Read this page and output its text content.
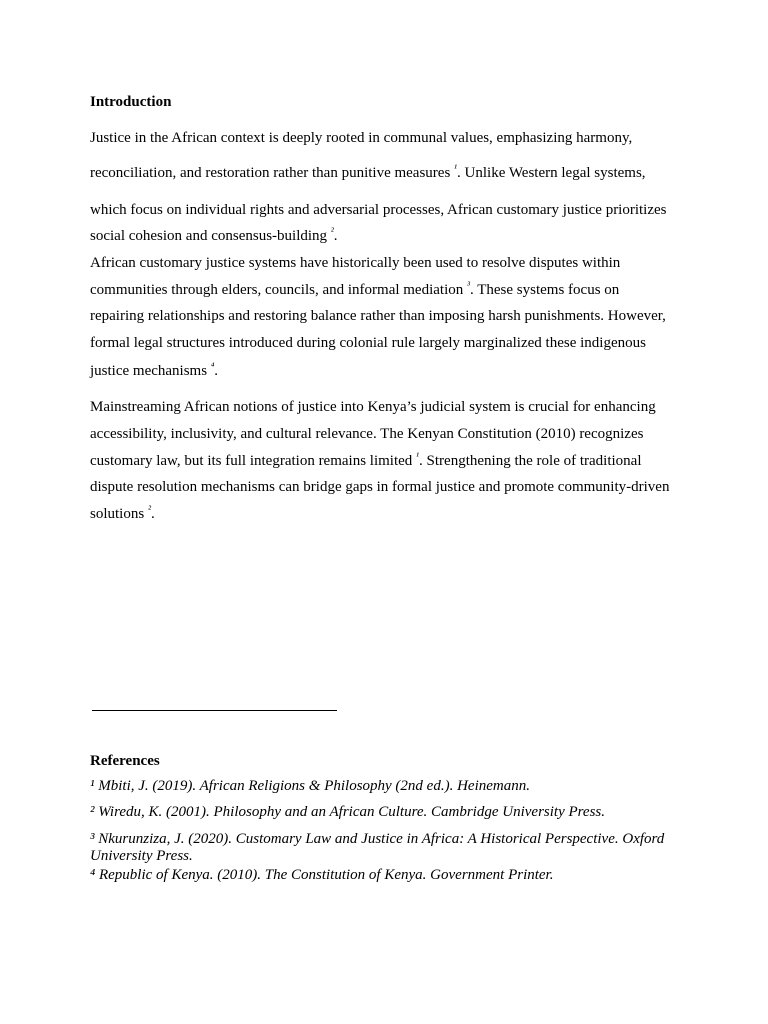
Introduction

Justice in the African context is deeply rooted in communal values, emphasizing harmony,

reconciliation, and restoration rather than punitive measures $^{^1}$. Unlike Western legal systems,

which focus on individual rights and adversarial processes, African customary justice prioritizes

social cohesion and consensus-building $^{^2}$.

African customary justice systems have historically been used to resolve disputes within

communities through elders, councils, and informal mediation $^{^3}$. These systems focus on

repairing relationships and restoring balance rather than imposing harsh punishments. However,

formal legal structures introduced during colonial rule largely marginalized these indigenous

justice mechanisms $^{^4}$.

Mainstreaming African notions of justice into Kenya’s judicial system is crucial for enhancing

accessibility, inclusivity, and cultural relevance. The Kenyan Constitution (2010) recognizes

customary law, but its full integration remains limited $^{^1}$. Strengthening the role of traditional

dispute resolution mechanisms can bridge gaps in formal justice and promote community-driven

solutions $^{^2}$.

References

¹ Mbiti, J. (2019). African Religions & Philosophy (2nd ed.). Heinemann.

² Wiredu, K. (2001). Philosophy and an African Culture. Cambridge University Press.

³ Nkurunziza, J. (2020). Customary Law and Justice in Africa: A Historical Perspective. Oxford University Press.

⁴ Republic of Kenya. (2010). The Constitution of Kenya. Government Printer.
